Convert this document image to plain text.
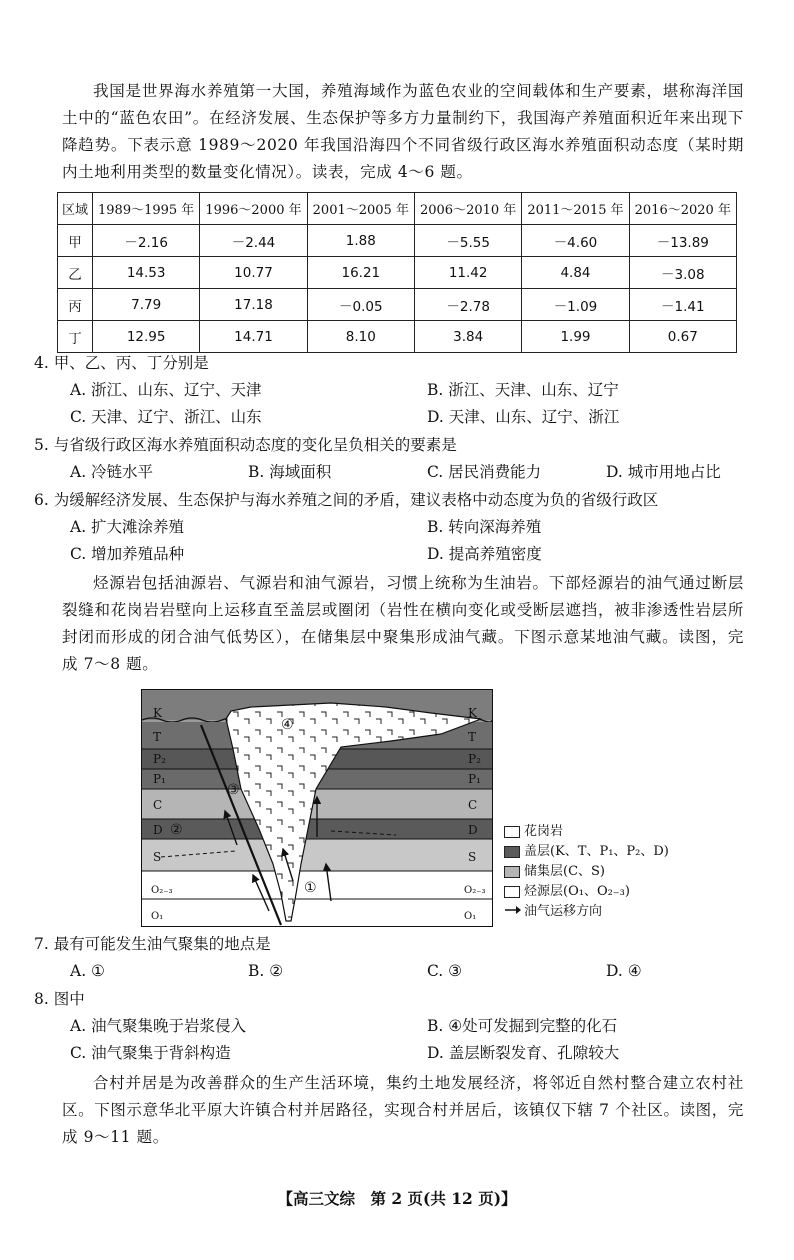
我国是世界海水养殖第一大国，养殖海域作为蓝色农业的空间载体和生产要素，堪称海洋国土中的“蓝色农田”。在经济发展、生态保护等多方力量制约下，我国海产养殖面积近年来出现下降趋势。下表示意 1989～2020 年我国沿海四个不同省级行政区海水养殖面积动态度（某时期内土地利用类型的数量变化情况）。读表，完成 4～6 题。
区域	1989～1995 年	1996～2000 年	2001～2005 年	2006～2010 年	2011～2015 年	2016～2020 年
甲	－2.16	－2.44	1.88	－5.55	－4.60	－13.89
乙	14.53	10.77	16.21	11.42	4.84	－3.08
丙	7.79	17.18	－0.05	－2.78	－1.09	－1.41
丁	12.95	14.71	8.10	3.84	1.99	0.67
4. 甲、乙、丙、丁分别是
A. 浙江、山东、辽宁、天津	B. 浙江、天津、山东、辽宁
C. 天津、辽宁、浙江、山东	D. 天津、山东、辽宁、浙江
5. 与省级行政区海水养殖面积动态度的变化呈负相关的要素是
A. 冷链水平	B. 海域面积	C. 居民消费能力	D. 城市用地占比
6. 为缓解经济发展、生态保护与海水养殖之间的矛盾，建议表格中动态度为负的省级行政区
A. 扩大滩涂养殖	B. 转向深海养殖
C. 增加养殖品种	D. 提高养殖密度
烃源岩包括油源岩、气源岩和油气源岩，习惯上统称为生油岩。下部烃源岩的油气通过断层裂缝和花岗岩岩壁向上运移直至盖层或圈闭（岩性在横向变化或受断层遮挡，被非渗透性岩层所封闭而形成的闭合油气低势区），在储集层中聚集形成油气藏。下图示意某地油气藏。读图，完成 7～8 题。
K
T
P₂
P₁
C
D
S
O₂₋₃
O₁
K
T
P₂
P₁
C
D
S
O₂₋₃
O₁
①
②
③
④
花岗岩
盖层(K、T、P₁、P₂、D)
储集层(C、S)
烃源层(O₁、O₂₋₃)
油气运移方向
7. 最有可能发生油气聚集的地点是
A. ①	B. ②	C. ③	D. ④
8. 图中
A. 油气聚集晚于岩浆侵入	B. ④处可发掘到完整的化石
C. 油气聚集于背斜构造	D. 盖层断裂发育、孔隙较大
合村并居是为改善群众的生产生活环境，集约土地发展经济，将邻近自然村整合建立农村社区。下图示意华北平原大许镇合村并居路径，实现合村并居后，该镇仅下辖 7 个社区。读图，完成 9～11 题。
【高三文综　第 2 页(共 12 页)】
